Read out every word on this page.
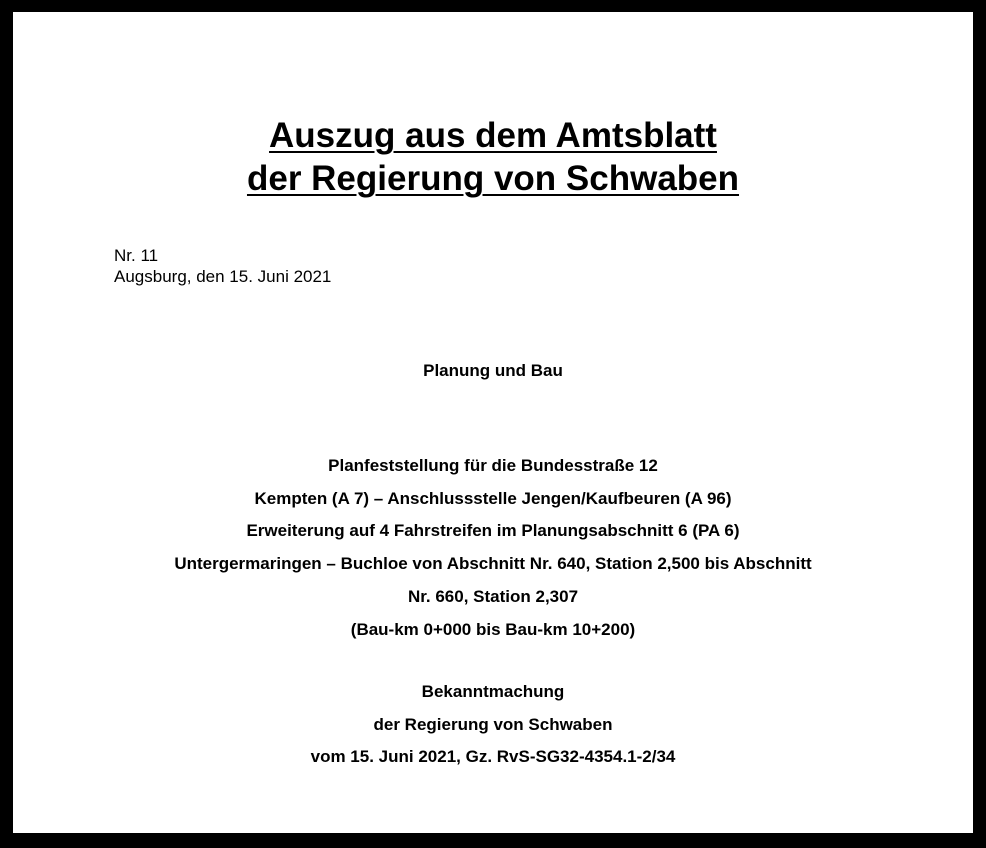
Auszug aus dem Amtsblatt
der Regierung von Schwaben
Nr. 11
Augsburg, den 15. Juni 2021
Planung und Bau
Planfeststellung für die Bundesstraße 12
Kempten (A 7) – Anschlussstelle Jengen/Kaufbeuren (A 96)
Erweiterung auf 4 Fahrstreifen im Planungsabschnitt 6 (PA 6)
Untergermaringen – Buchloe von Abschnitt Nr. 640, Station 2,500 bis Abschnitt
Nr. 660, Station 2,307
(Bau-km 0+000 bis Bau-km 10+200)
Bekanntmachung
der Regierung von Schwaben
vom 15. Juni 2021, Gz. RvS-SG32-4354.1-2/34
